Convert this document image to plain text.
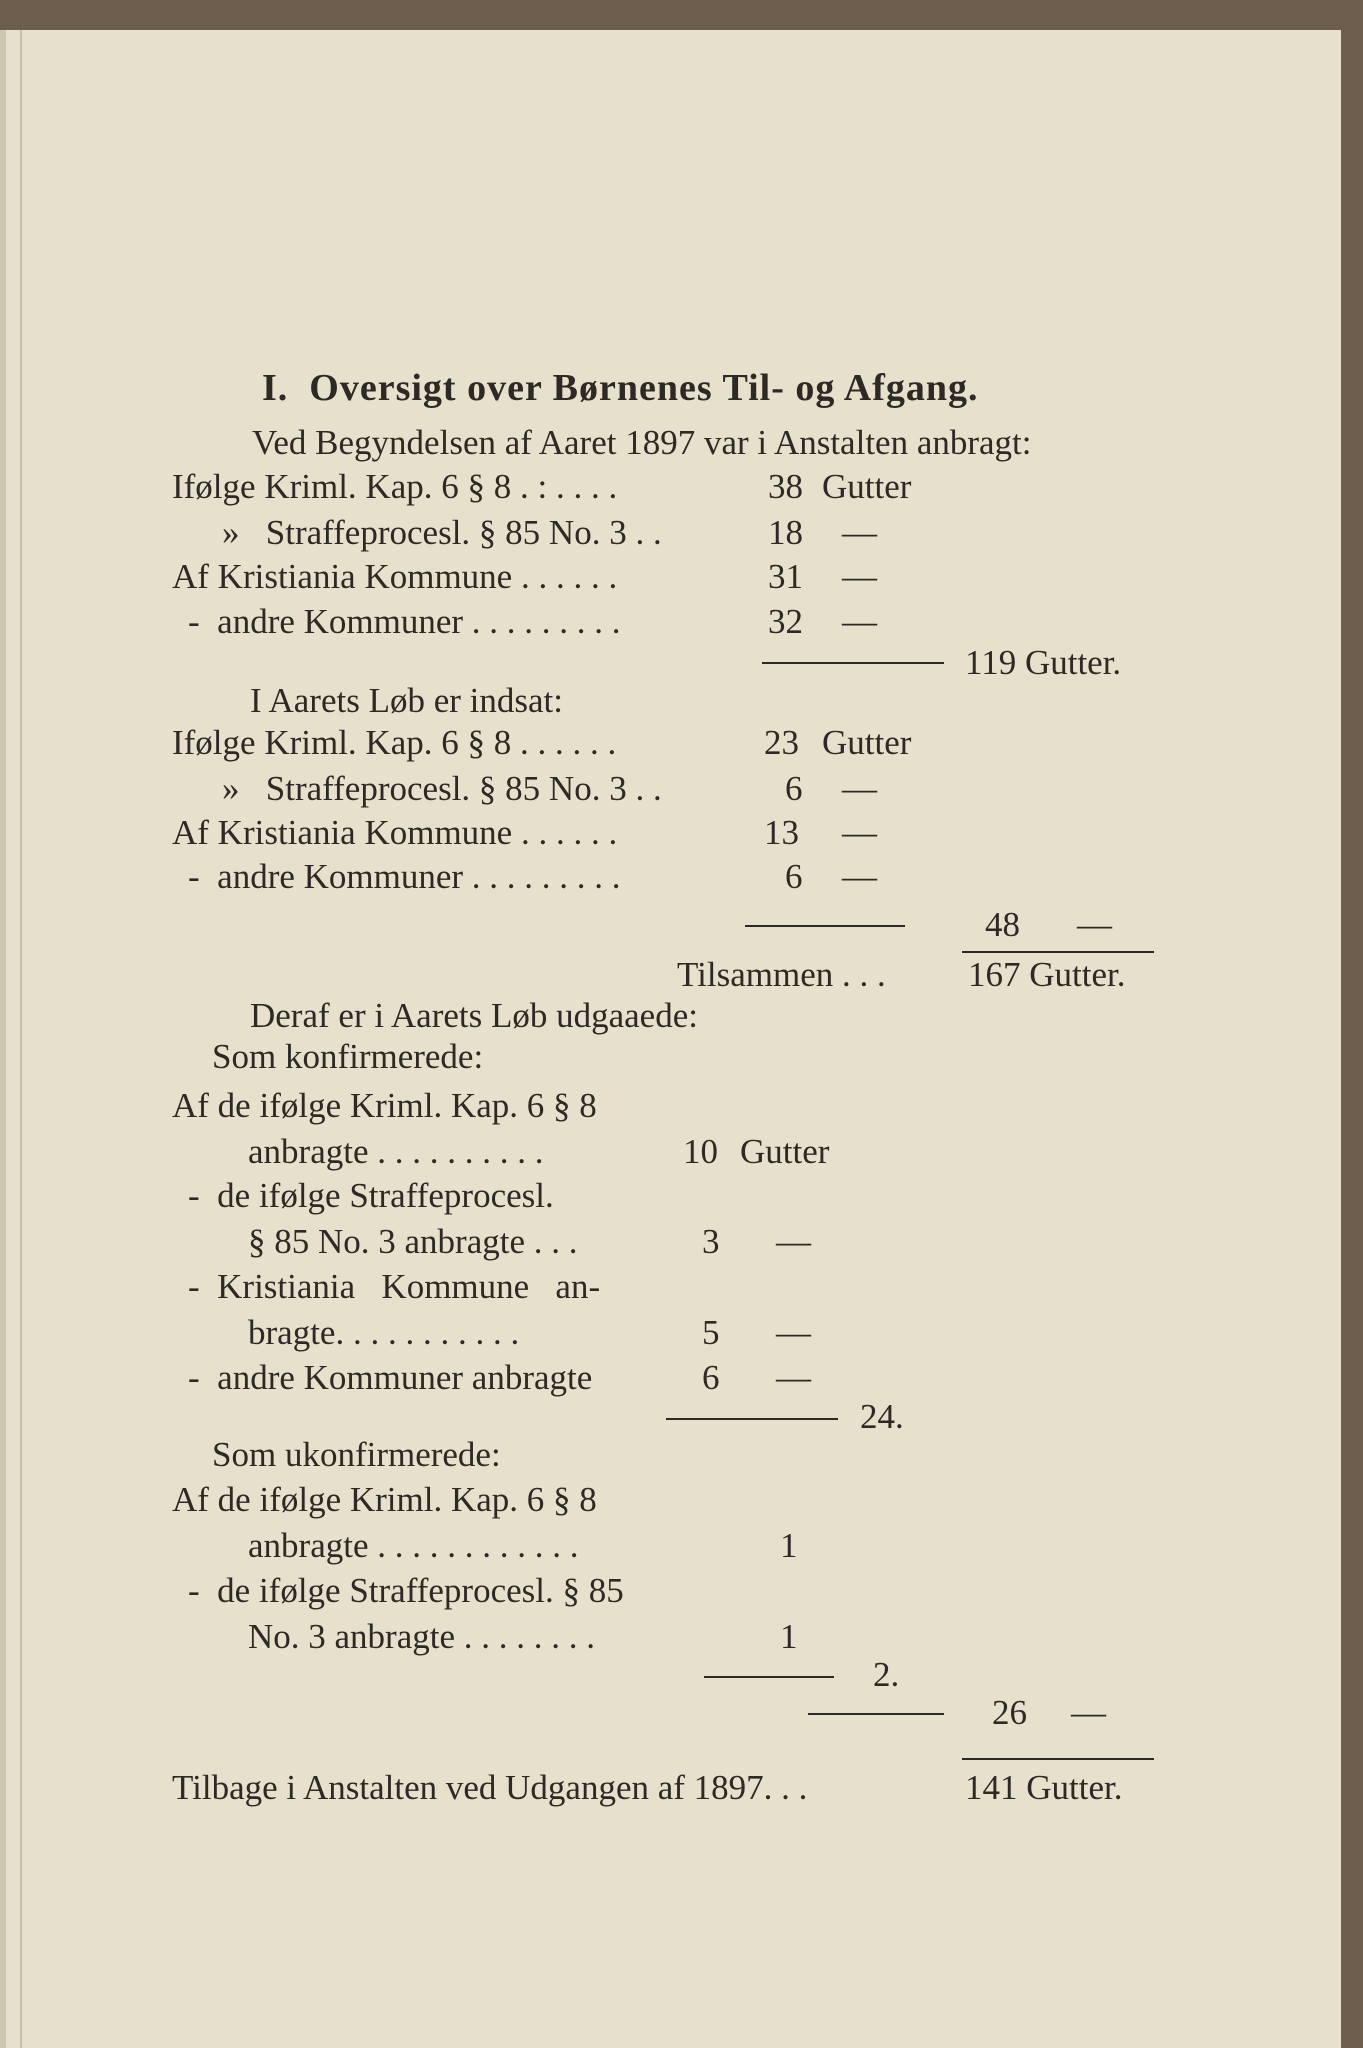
I.  Oversigt over Børnenes Til- og Afgang.
Ved Begyndelsen af Aaret 1897 var i Anstalten anbragt:
Ifølge Kriml. Kap. 6 § 8 . : . . . .	38 Gutter
»   Straffeprocesl. § 85 No. 3 . .	18 —
Af Kristiania Kommune . . . . . .	31 —
-  andre Kommuner . . . . . . . . .	32 —
119 Gutter.
I Aarets Løb er indsat:
Ifølge Kriml. Kap. 6 § 8 . . . . . .	23 Gutter
»   Straffeprocesl. § 85 No. 3 . .	6 —
Af Kristiania Kommune . . . . . .	13 —
-  andre Kommuner . . . . . . . . .	6 —
48 —
Tilsammen . . . 167 Gutter.
Deraf er i Aarets Løb udgaaede:
Som konfirmerede:
Af de ifølge Kriml. Kap. 6 § 8
anbragte . . . . . . . . . .	10 Gutter
-  de ifølge Straffeprocesl.
§ 85 No. 3 anbragte . . .	3 —
-  Kristiania   Kommune   an-
bragte. . . . . . . . . . .	5 —
-  andre Kommuner anbragte	6 —
24.
Som ukonfirmerede:
Af de ifølge Kriml. Kap. 6 § 8
anbragte . . . . . . . . . . . .	1
-  de ifølge Straffeprocesl. § 85
No. 3 anbragte . . . . . . . .	1
2.
26 —
Tilbage i Anstalten ved Udgangen af 1897. . .	141 Gutter.
